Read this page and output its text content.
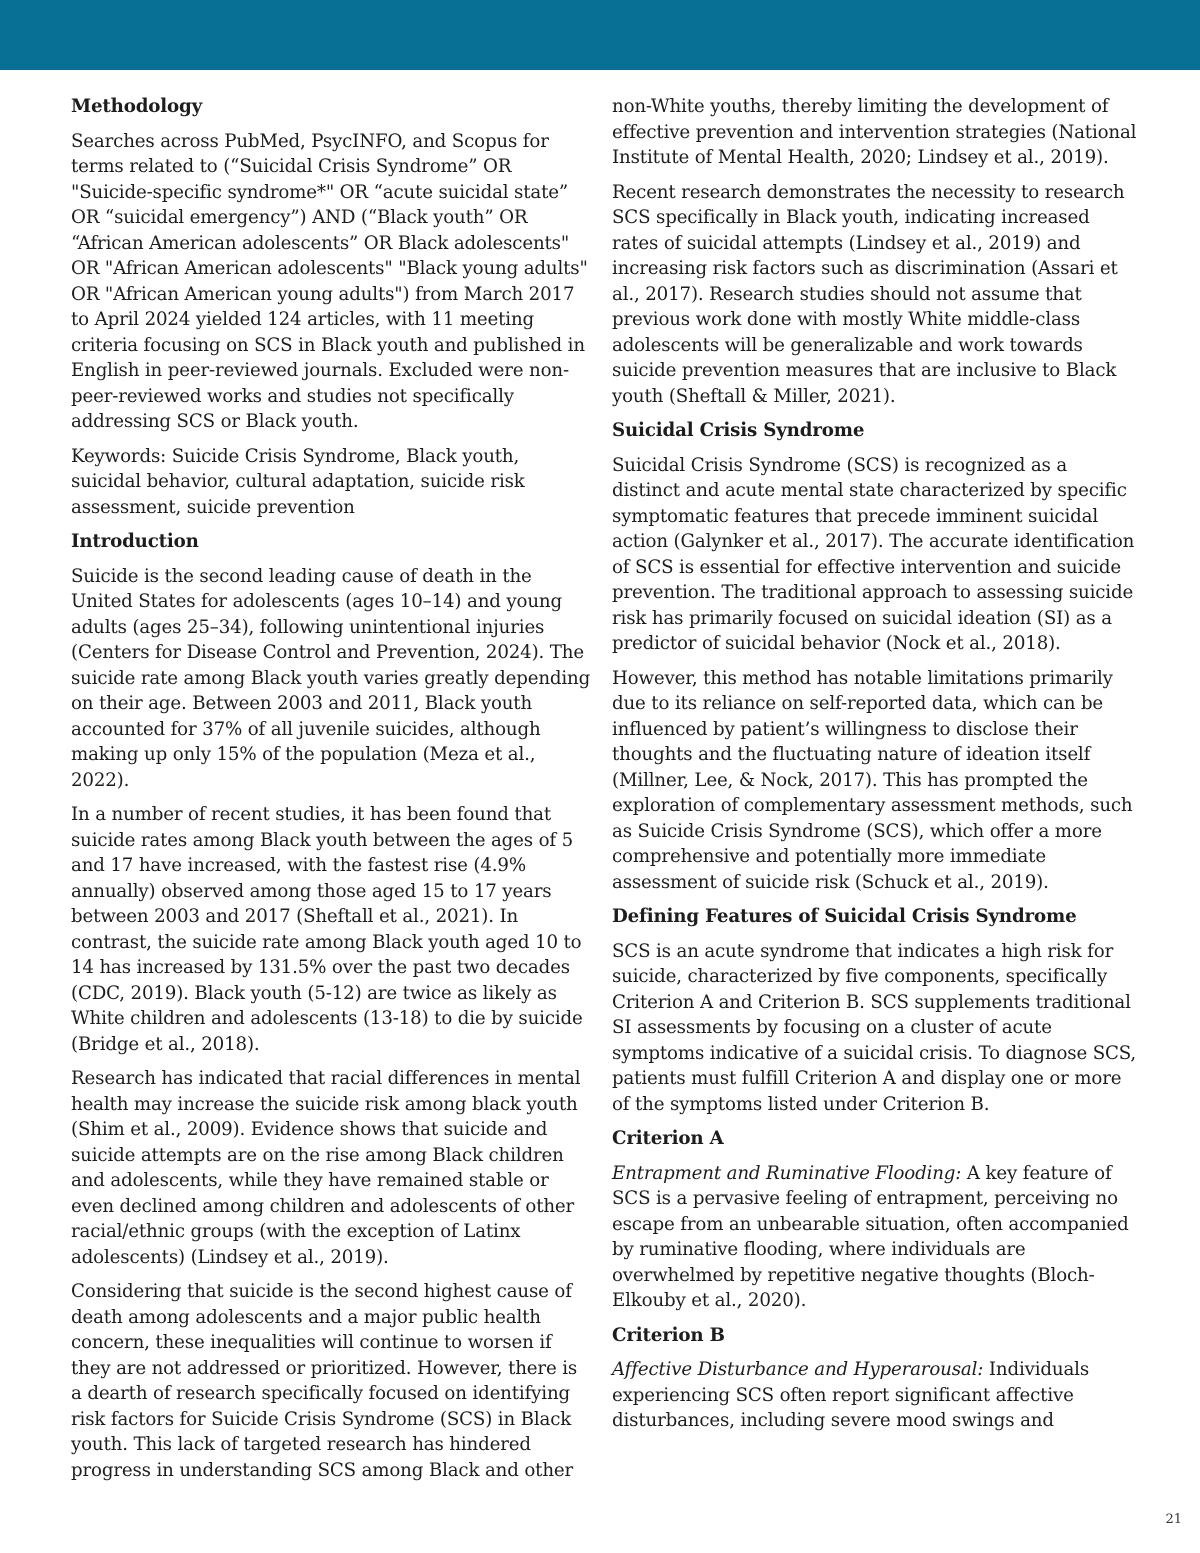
Methodology

Searches across PubMed, PsycINFO, and Scopus for terms related to (“Suicidal Crisis Syndrome” OR "Suicide-specific syndrome*" OR “acute suicidal state” OR “suicidal emergency”) AND (“Black youth” OR “African American adolescents” OR Black adolescents" OR "African American adolescents" "Black young adults" OR "African American young adults") from March 2017 to April 2024 yielded 124 articles, with 11 meeting criteria focusing on SCS in Black youth and published in English in peer-reviewed journals. Excluded were non-peer-reviewed works and studies not specifically addressing SCS or Black youth.

Keywords: Suicide Crisis Syndrome, Black youth, suicidal behavior, cultural adaptation, suicide risk assessment, suicide prevention

Introduction

Suicide is the second leading cause of death in the United States for adolescents (ages 10–14) and young adults (ages 25–34), following unintentional injuries (Centers for Disease Control and Prevention, 2024). The suicide rate among Black youth varies greatly depending on their age. Between 2003 and 2011, Black youth accounted for 37% of all juvenile suicides, although making up only 15% of the population (Meza et al., 2022).

In a number of recent studies, it has been found that suicide rates among Black youth between the ages of 5 and 17 have increased, with the fastest rise (4.9% annually) observed among those aged 15 to 17 years between 2003 and 2017 (Sheftall et al., 2021). In contrast, the suicide rate among Black youth aged 10 to 14 has increased by 131.5% over the past two decades (CDC, 2019). Black youth (5-12) are twice as likely as White children and adolescents (13-18) to die by suicide (Bridge et al., 2018).

Research has indicated that racial differences in mental health may increase the suicide risk among black youth (Shim et al., 2009). Evidence shows that suicide and suicide attempts are on the rise among Black children and adolescents, while they have remained stable or even declined among children and adolescents of other racial/ethnic groups (with the exception of Latinx adolescents) (Lindsey et al., 2019).

Considering that suicide is the second highest cause of death among adolescents and a major public health concern, these inequalities will continue to worsen if they are not addressed or prioritized. However, there is a dearth of research specifically focused on identifying risk factors for Suicide Crisis Syndrome (SCS) in Black youth. This lack of targeted research has hindered progress in understanding SCS among Black and other

non-White youths, thereby limiting the development of effective prevention and intervention strategies (National Institute of Mental Health, 2020; Lindsey et al., 2019).

Recent research demonstrates the necessity to research SCS specifically in Black youth, indicating increased rates of suicidal attempts (Lindsey et al., 2019) and increasing risk factors such as discrimination (Assari et al., 2017). Research studies should not assume that previous work done with mostly White middle-class adolescents will be generalizable and work towards suicide prevention measures that are inclusive to Black youth (Sheftall & Miller, 2021).

Suicidal Crisis Syndrome

Suicidal Crisis Syndrome (SCS) is recognized as a distinct and acute mental state characterized by specific symptomatic features that precede imminent suicidal action (Galynker et al., 2017). The accurate identification of SCS is essential for effective intervention and suicide prevention. The traditional approach to assessing suicide risk has primarily focused on suicidal ideation (SI) as a predictor of suicidal behavior (Nock et al., 2018).

However, this method has notable limitations primarily due to its reliance on self-reported data, which can be influenced by patient’s willingness to disclose their thoughts and the fluctuating nature of ideation itself (Millner, Lee, & Nock, 2017). This has prompted the exploration of complementary assessment methods, such as Suicide Crisis Syndrome (SCS), which offer a more comprehensive and potentially more immediate assessment of suicide risk (Schuck et al., 2019).

Defining Features of Suicidal Crisis Syndrome

SCS is an acute syndrome that indicates a high risk for suicide, characterized by five components, specifically Criterion A and Criterion B. SCS supplements traditional SI assessments by focusing on a cluster of acute symptoms indicative of a suicidal crisis. To diagnose SCS, patients must fulfill Criterion A and display one or more of the symptoms listed under Criterion B.

Criterion A

Entrapment and Ruminative Flooding: A key feature of SCS is a pervasive feeling of entrapment, perceiving no escape from an unbearable situation, often accompanied by ruminative flooding, where individuals are overwhelmed by repetitive negative thoughts (Bloch-Elkouby et al., 2020).

Criterion B

Affective Disturbance and Hyperarousal: Individuals experiencing SCS often report significant affective disturbances, including severe mood swings and

21
